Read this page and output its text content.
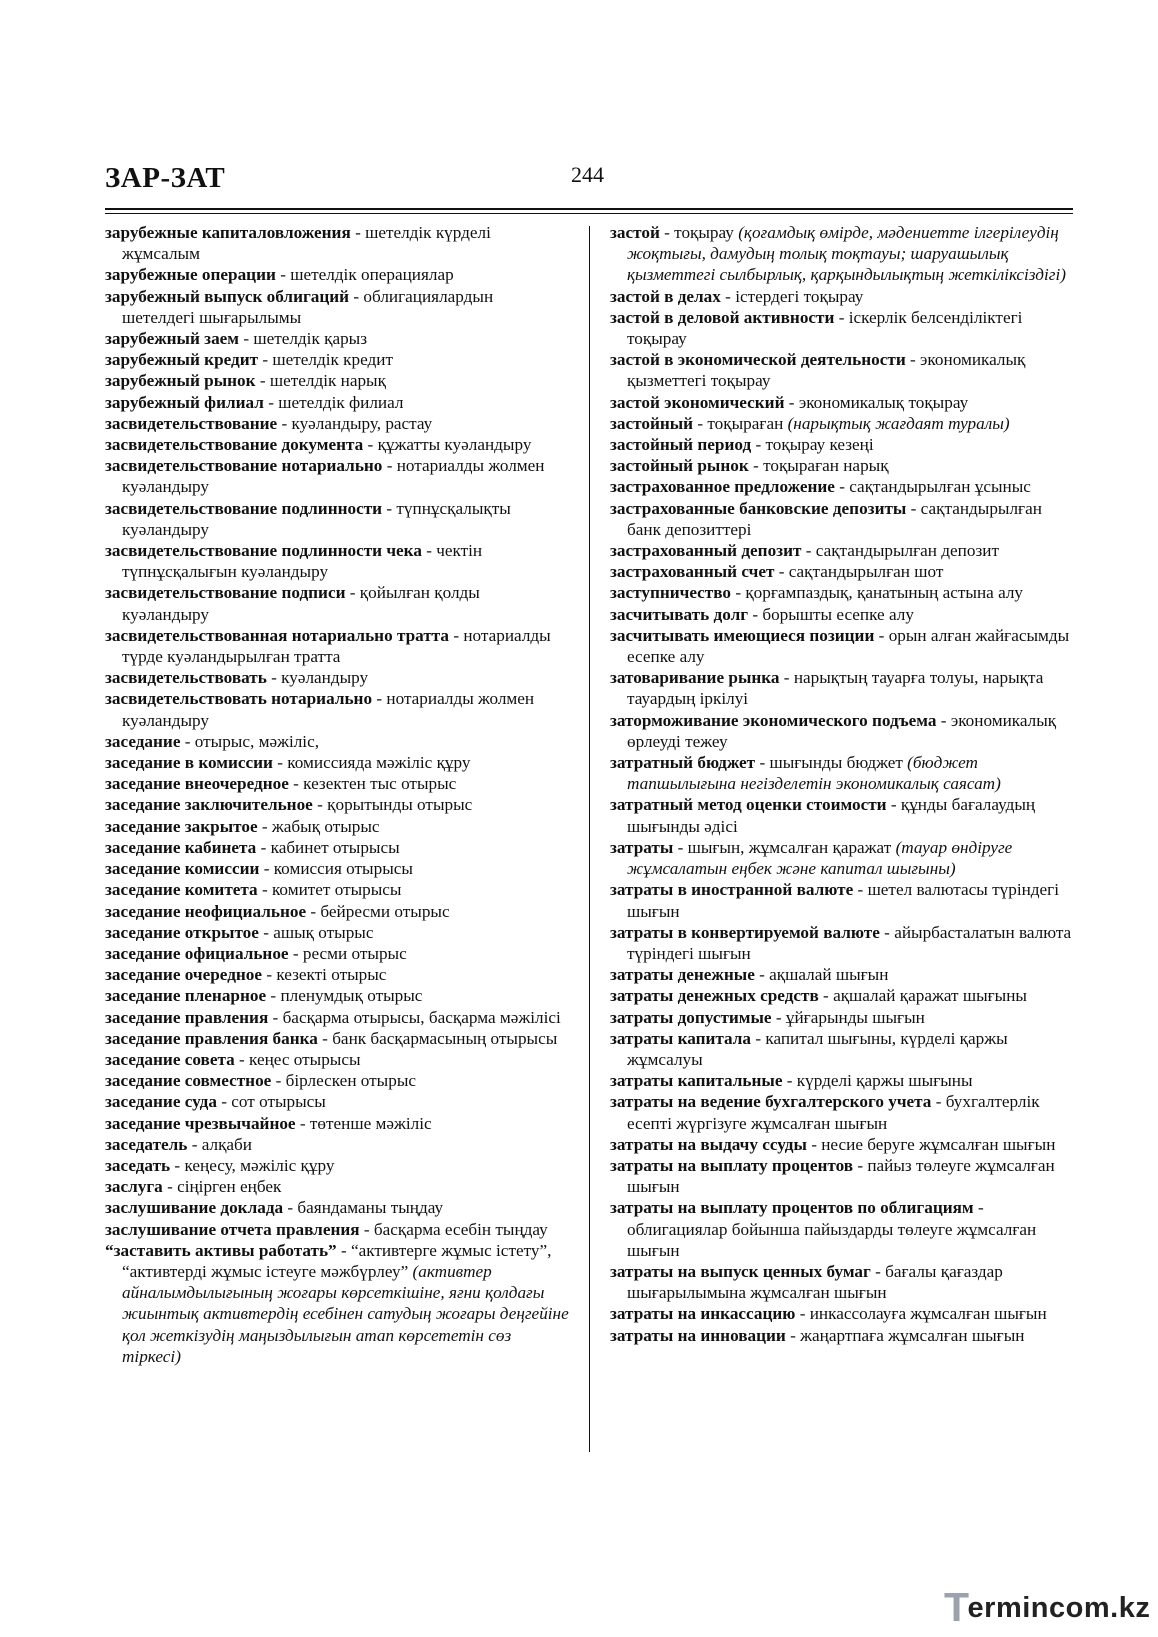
ЗАР-ЗАТ	244

зарубежные капиталовложения - шетелдік күрделі жұмсалым

зарубежные операции - шетелдік операциялар

зарубежный выпуск облигаций - облигациялардын шетелдегі шығарылымы

зарубежный заем - шетелдік қарыз

зарубежный кредит - шетелдік кредит

зарубежный рынок - шетелдік нарық

зарубежный филиал - шетелдік филиал

засвидетельствование - куәландыру, растау

засвидетельствование документа - құжатты куәландыру

засвидетельствование нотариально - нотариалды жолмен куәландыру

засвидетельствование подлинности - түпнұсқалықты куәландыру

засвидетельствование подлинности чека - чектін түпнұсқалығын куәландыру

засвидетельствование подписи - қойылған қолды куәландыру

засвидетельствованная нотариально тратта - нотариалды түрде куәландырылған тратта

засвидетельствовать - куәландыру

засвидетельствовать нотариально - нотариалды жолмен куәландыру

заседание - отырыс, мәжіліс,

заседание в комиссии - комиссияда мәжіліс құру

заседание внеочередное - кезектен тыс отырыс

заседание заключительное - қорытынды отырыс

заседание закрытое - жабық отырыс

заседание кабинета - кабинет отырысы

заседание комиссии - комиссия отырысы

заседание комитета - комитет отырысы

заседание неофициальное - бейресми отырыс

заседание открытое - ашық отырыс

заседание официальное - ресми отырыс

заседание очередное - кезекті отырыс

заседание пленарное - пленумдық отырыс

заседание правления - басқарма отырысы, басқарма мәжілісі

заседание правления банка - банк басқармасының отырысы

заседание совета - кеңес отырысы

заседание совместное - бірлескен отырыс

заседание суда - сот отырысы

заседание чрезвычайное - төтенше мәжіліс

заседатель - алқаби

заседать - кеңесу, мәжіліс құру

заслуга - сіңірген еңбек

заслушивание доклада - баяндаманы тыңдау

заслушивание отчета правления - басқарма есебін тыңдау

“заставить активы работать” - “активтерге жұмыс істету”, “активтерді жұмыс істеуге мәжбүрлеу” (активтер айналымдылығының жоғары көрсеткішіне, яғни қолдағы жиынтық активтердің есебінен сатудың жоғары деңгейіне қол жеткізудің маңыздылығын атап көрсететін сөз тіркесі)

застой - тоқырау (қоғамдық өмірде, мәдениетте ілгерілеудің жоқтығы, дамудың толық тоқтауы; шаруашылық қызметтегі сылбырлық, қарқындылықтың жеткіліксіздігі)

застой в делах - істердегі тоқырау

застой в деловой активности - іскерлік белсенділіктегі тоқырау

застой в экономической деятельности - экономикалық қызметтегі тоқырау

застой экономический - экономикалық тоқырау

застойный - тоқыраған (нарықтық жағдаят туралы)

застойный период - тоқырау кезеңі

застойный рынок - тоқыраған нарық

застрахованное предложение - сақтандырылған ұсыныс

застрахованные банковские депозиты - сақтандырылған банк депозиттері

застрахованный депозит - сақтандырылған депозит

застрахованный счет - сақтандырылған шот

заступничество - қорғампаздық, қанатының астына алу

засчитывать долг - борышты есепке алу

засчитывать имеющиеся позиции - орын алған жайғасымды есепке алу

затоваривание рынка - нарықтың тауарға толуы, нарықта тауардың іркілуі

заторможивание экономического подъема - экономикалық өрлеуді тежеу

затратный бюджет - шығынды бюджет (бюджет тапшылығына негізделетін экономикалық саясат)

затратный метод оценки стоимости - құнды бағалаудың шығынды әдісі

затраты - шығын, жұмсалған қаражат (тауар өндіруге жұмсалатын еңбек және капитал шығыны)

затраты в иностранной валюте - шетел валютасы түріндегі шығын

затраты в конвертируемой валюте - айырбасталатын валюта түріндегі шығын

затраты денежные - ақшалай шығын

затраты денежных средств - ақшалай қаражат шығыны

затраты допустимые - ұйғарынды шығын

затраты капитала - капитал шығыны, күрделі қаржы жұмсалуы

затраты капитальные - күрделі қаржы шығыны

затраты на ведение бухгалтерского учета - бухгалтерлік есепті жүргізуге жұмсалған шығын

затраты на выдачу ссуды - несие беруге жұмсалған шығын

затраты на выплату процентов - пайыз төлеуге жұмсалған шығын

затраты на выплату процентов по облигациям - облигациялар бойынша пайыздарды төлеуге жұмсалған шығын

затраты на выпуск ценных бумаг - бағалы қағаздар шығарылымына жұмсалған шығын

затраты на инкассацию - инкассолауға жұмсалған шығын

затраты на инновации - жаңартпаға жұмсалған шығын

Termincom.kz
